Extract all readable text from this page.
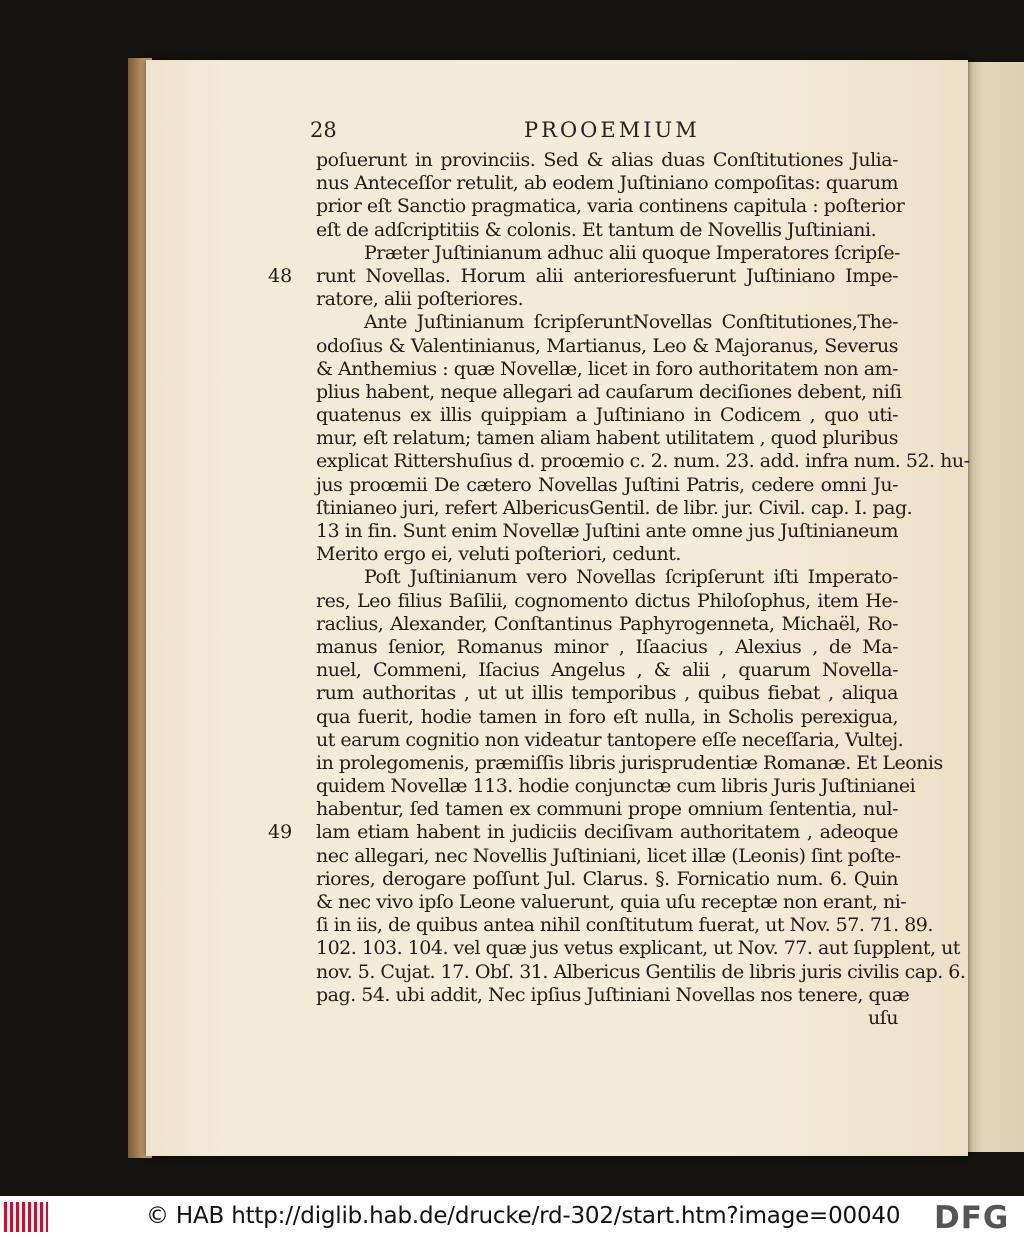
28	PROOEMIUM
poſuerunt in provinciis. Sed & alias duas Conſtitutiones Julia-
nus Anteceſſor retulit, ab eodem Juſtiniano compoſitas: quarum
prior eſt Sanctio pragmatica, varia continens capitula : poſterior
eſt de adſcriptitiis & colonis. Et tantum de Novellis Juſtiniani.
Præter Juſtinianum adhuc alii quoque Imperatores ſcripſe-
runt Novellas. Horum alii anterioresfuerunt Juſtiniano Impe-
48
ratore, alii poſteriores.
Ante Juſtinianum ſcripſeruntNovellas Conſtitutiones,The-
odoſius & Valentinianus, Martianus, Leo & Majoranus, Severus
& Anthemius : quæ Novellæ, licet in foro authoritatem non am-
plius habent, neque allegari ad cauſarum deciſiones debent, niſi
quatenus ex illis quippiam a Juſtiniano in Codicem , quo uti-
mur, eſt relatum; tamen aliam habent utilitatem , quod pluribus
explicat Rittershuſius d. proœmio c. 2. num. 23. add. infra num. 52. hu-
jus proœmii De cætero Novellas Juſtini Patris, cedere omni Ju-
ſtinianeo juri, refert AlbericusGentil. de libr. jur. Civil. cap. I. pag.
13 in fin. Sunt enim Novellæ Juſtini ante omne jus Juſtinianeum
Merito ergo ei, veluti poſteriori, cedunt.
Poſt Juſtinianum vero Novellas ſcripſerunt iſti Imperato-
res, Leo filius Baſilii, cognomento dictus Philoſophus, item He-
raclius, Alexander, Conſtantinus Paphyrogenneta, Michaël, Ro-
manus ſenior, Romanus minor , Iſaacius , Alexius , de Ma-
nuel, Commeni, Iſacius Angelus , & alii , quarum Novella-
rum authoritas , ut ut illis temporibus , quibus fiebat , aliqua
qua fuerit, hodie tamen in foro eſt nulla, in Scholis perexigua,
ut earum cognitio non videatur tantopere eſſe neceſſaria, Vultej.
in prolegomenis, præmiſſis libris jurisprudentiæ Romanæ. Et Leonis
quidem Novellæ 113. hodie conjunctæ cum libris Juris Juſtinianei
habentur, ſed tamen ex communi prope omnium ſententia, nul-
lam etiam habent in judiciis deciſivam authoritatem , adeoque
49
nec allegari, nec Novellis Juſtiniani, licet illæ (Leonis) ſint poſte-
riores, derogare poſſunt Jul. Clarus. §. Fornicatio num. 6. Quin
& nec vivo ipſo Leone valuerunt, quia uſu receptæ non erant, ni-
ſi in iis, de quibus antea nihil conſtitutum fuerat, ut Nov. 57. 71. 89.
102. 103. 104. vel quæ jus vetus explicant, ut Nov. 77. aut ſupplent, ut
nov. 5. Cujat. 17. Obſ. 31. Albericus Gentilis de libris juris civilis cap. 6.
pag. 54. ubi addit, Nec ipſius Juſtiniani Novellas nos tenere, quæ
uſu
© HAB http://diglib.hab.de/drucke/rd-302/start.htm?image=00040 DFG
